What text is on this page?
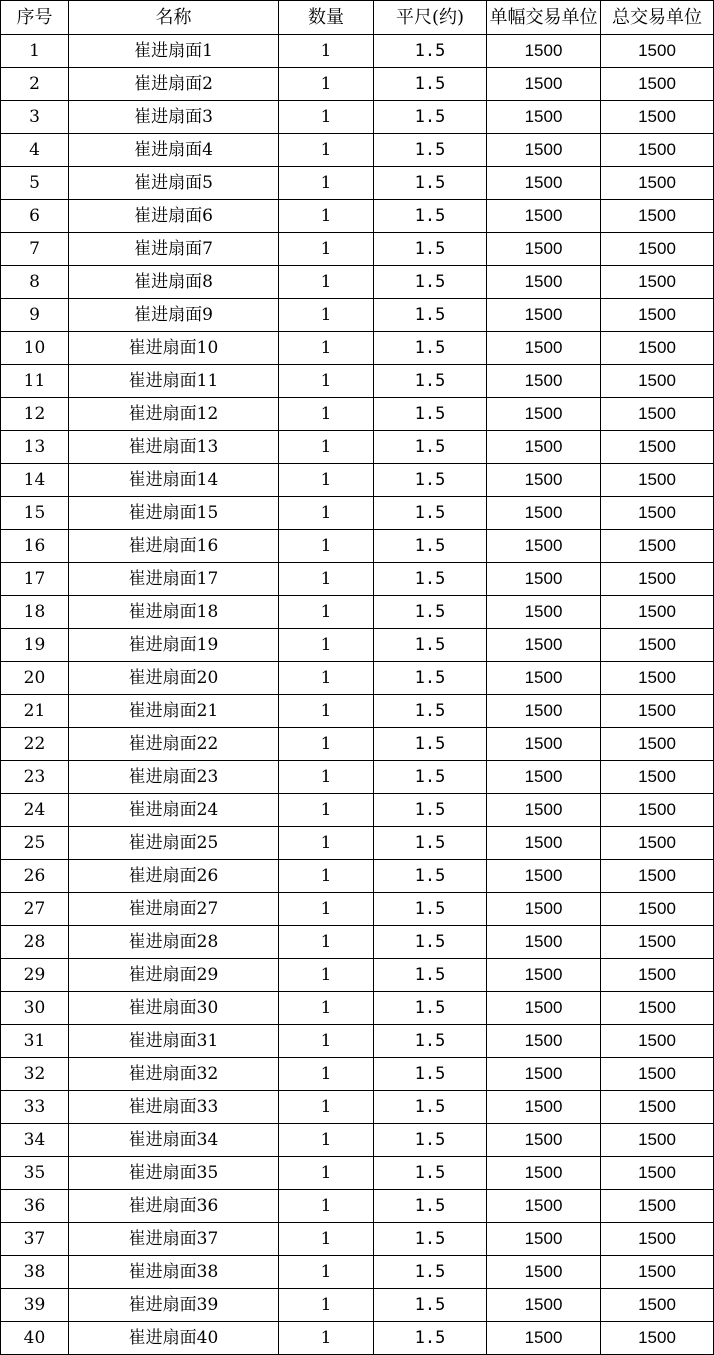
序号	名称	数量	平尺(约)	单幅交易单位	总交易单位
1	崔进扇面1	1	1.5	1500	1500
2	崔进扇面2	1	1.5	1500	1500
3	崔进扇面3	1	1.5	1500	1500
4	崔进扇面4	1	1.5	1500	1500
5	崔进扇面5	1	1.5	1500	1500
6	崔进扇面6	1	1.5	1500	1500
7	崔进扇面7	1	1.5	1500	1500
8	崔进扇面8	1	1.5	1500	1500
9	崔进扇面9	1	1.5	1500	1500
10	崔进扇面10	1	1.5	1500	1500
11	崔进扇面11	1	1.5	1500	1500
12	崔进扇面12	1	1.5	1500	1500
13	崔进扇面13	1	1.5	1500	1500
14	崔进扇面14	1	1.5	1500	1500
15	崔进扇面15	1	1.5	1500	1500
16	崔进扇面16	1	1.5	1500	1500
17	崔进扇面17	1	1.5	1500	1500
18	崔进扇面18	1	1.5	1500	1500
19	崔进扇面19	1	1.5	1500	1500
20	崔进扇面20	1	1.5	1500	1500
21	崔进扇面21	1	1.5	1500	1500
22	崔进扇面22	1	1.5	1500	1500
23	崔进扇面23	1	1.5	1500	1500
24	崔进扇面24	1	1.5	1500	1500
25	崔进扇面25	1	1.5	1500	1500
26	崔进扇面26	1	1.5	1500	1500
27	崔进扇面27	1	1.5	1500	1500
28	崔进扇面28	1	1.5	1500	1500
29	崔进扇面29	1	1.5	1500	1500
30	崔进扇面30	1	1.5	1500	1500
31	崔进扇面31	1	1.5	1500	1500
32	崔进扇面32	1	1.5	1500	1500
33	崔进扇面33	1	1.5	1500	1500
34	崔进扇面34	1	1.5	1500	1500
35	崔进扇面35	1	1.5	1500	1500
36	崔进扇面36	1	1.5	1500	1500
37	崔进扇面37	1	1.5	1500	1500
38	崔进扇面38	1	1.5	1500	1500
39	崔进扇面39	1	1.5	1500	1500
40	崔进扇面40	1	1.5	1500	1500
